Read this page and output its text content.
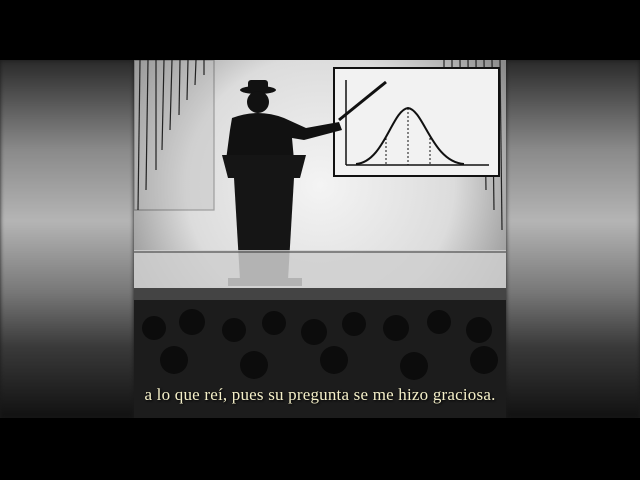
a lo que reí, pues su pregunta se me hizo graciosa.
